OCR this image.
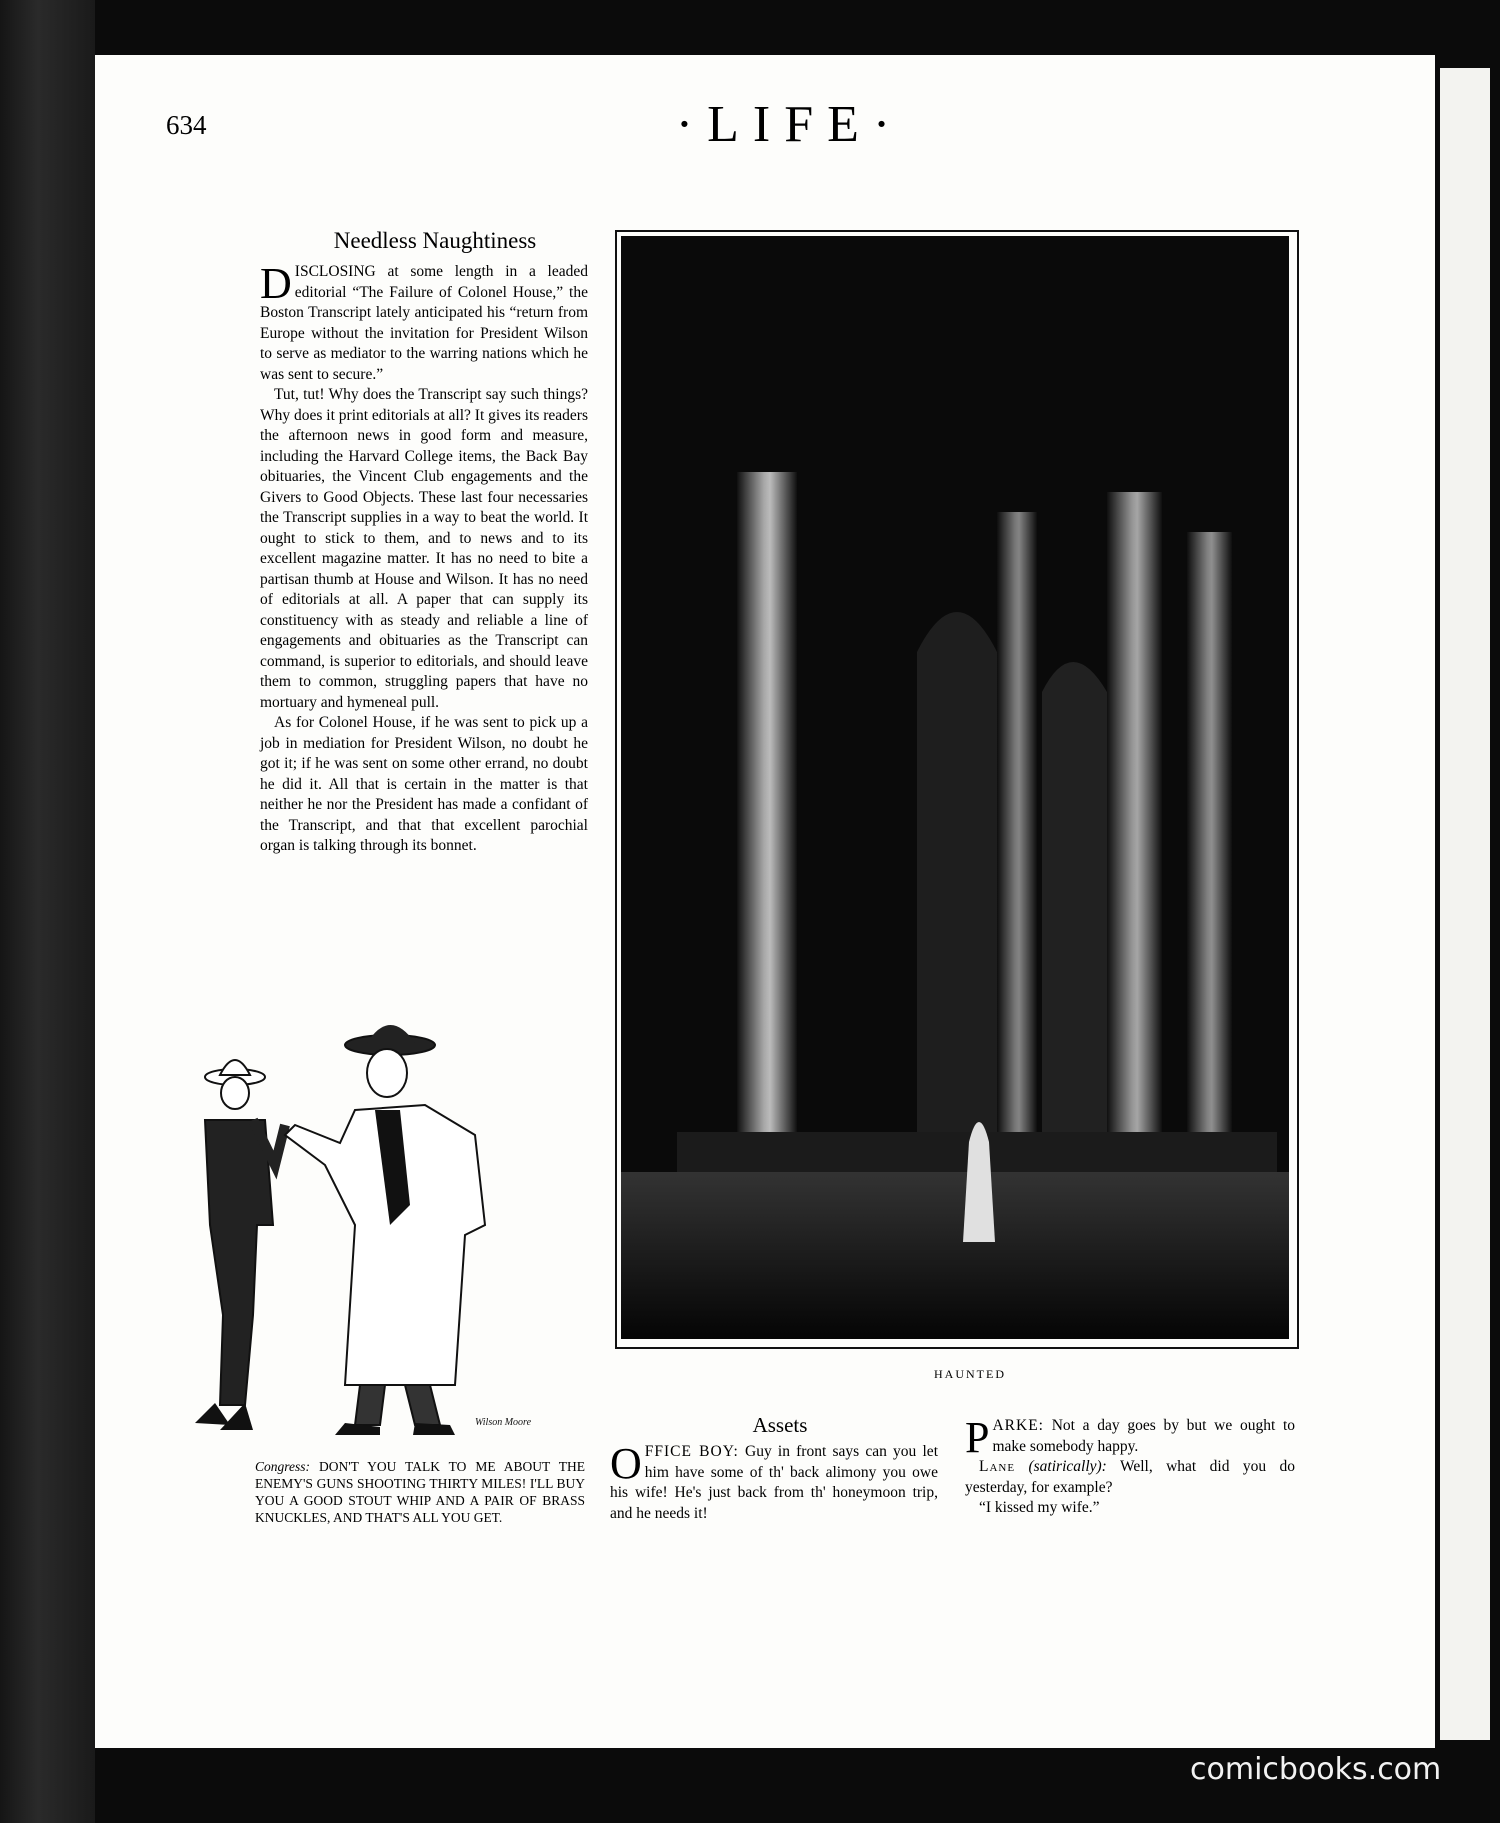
634	·LIFE·
Needless Naughtiness

DISCLOSING at some length in a leaded editorial “The Failure of Colonel House,” the Boston Transcript lately anticipated his “return from Europe without the invitation for President Wilson to serve as mediator to the warring nations which he was sent to secure.”

Tut, tut! Why does the Transcript say such things? Why does it print editorials at all? It gives its readers the afternoon news in good form and measure, including the Harvard College items, the Back Bay obituaries, the Vincent Club engagements and the Givers to Good Objects. These last four necessaries the Transcript supplies in a way to beat the world. It ought to stick to them, and to news and to its excellent magazine matter. It has no need to bite a partisan thumb at House and Wilson. It has no need of editorials at all. A paper that can supply its constituency with as steady and reliable a line of engagements and obituaries as the Transcript can command, is superior to editorials, and should leave them to common, struggling papers that have no mortuary and hymeneal pull.

As for Colonel House, if he was sent to pick up a job in mediation for President Wilson, no doubt he got it; if he was sent on some other errand, no doubt he did it. All that is certain in the matter is that neither he nor the President has made a confidant of the Transcript, and that that excellent parochial organ is talking through its bonnet.

Wilson Moore
Congress: DON'T YOU TALK TO ME ABOUT THE ENEMY'S GUNS SHOOTING THIRTY MILES! I'LL BUY YOU A GOOD STOUT WHIP AND A PAIR OF BRASS KNUCKLES, AND THAT'S ALL YOU GET.
HAUNTED
Assets

OFFICE BOY: Guy in front says can you let him have some of th' back alimony you owe his wife! He's just back from th' honeymoon trip, and he needs it!

PARKE: Not a day goes by but we ought to make somebody happy.

Lane (satirically): Well, what did you do yesterday, for example?

“I kissed my wife.”

comicbooks.com
